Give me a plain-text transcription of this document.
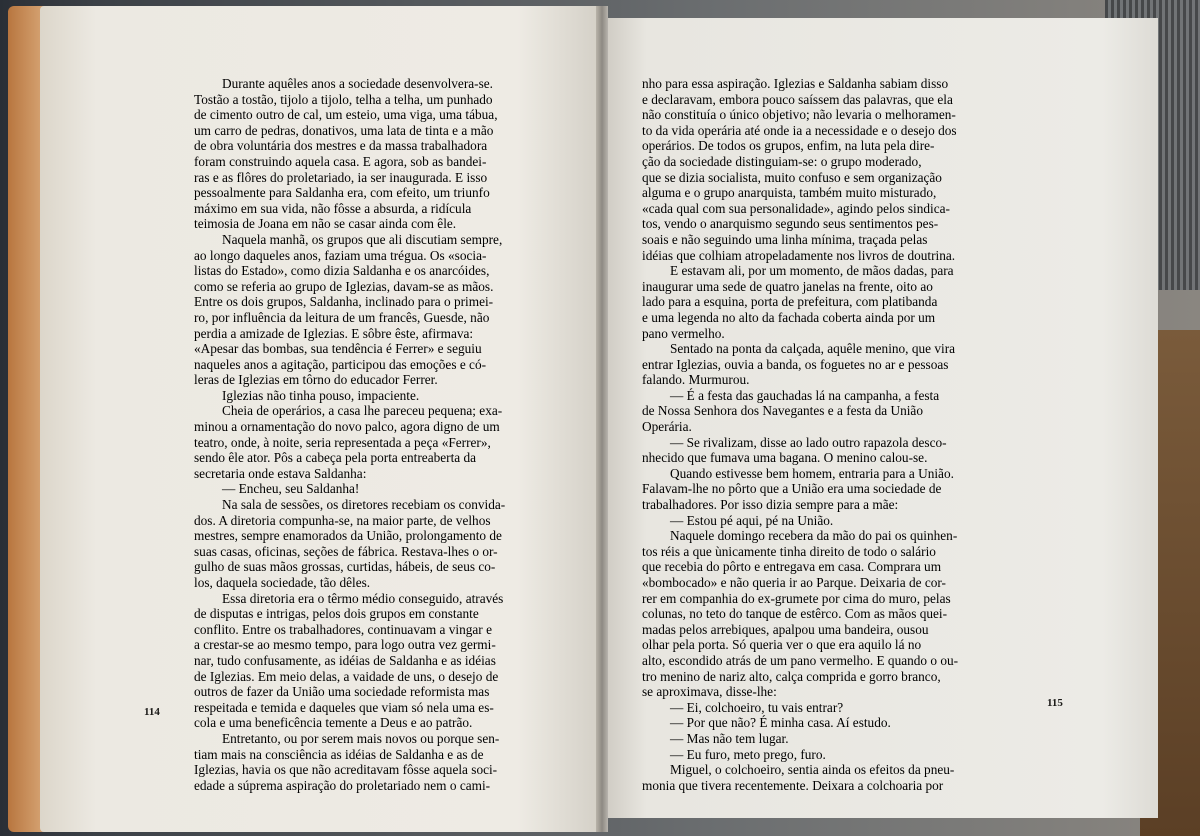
Durante aquêles anos a sociedade desenvolvera-se.

Tostão a tostão, tijolo a tijolo, telha a telha, um punhado

de cimento outro de cal, um esteio, uma viga, uma tábua,

um carro de pedras, donativos, uma lata de tinta e a mão

de obra voluntária dos mestres e da massa trabalhadora

foram construindo aquela casa. E agora, sob as bandei-

ras e as flôres do proletariado, ia ser inaugurada. E isso

pessoalmente para Saldanha era, com efeito, um triunfo

máximo em sua vida, não fôsse a absurda, a ridícula

teimosia de Joana em não se casar ainda com êle.

Naquela manhã, os grupos que ali discutiam sempre,

ao longo daqueles anos, faziam uma trégua. Os «socia-

listas do Estado», como dizia Saldanha e os anarcóides,

como se referia ao grupo de Iglezias, davam-se as mãos.

Entre os dois grupos, Saldanha, inclinado para o primei-

ro, por influência da leitura de um francês, Guesde, não

perdia a amizade de Iglezias. E sôbre êste, afirmava:

«Apesar das bombas, sua tendência é Ferrer» e seguiu

naqueles anos a agitação, participou das emoções e có-

leras de Iglezias em tôrno do educador Ferrer.

Iglezias não tinha pouso, impaciente.

Cheia de operários, a casa lhe pareceu pequena; exa-

minou a ornamentação do novo palco, agora digno de um

teatro, onde, à noite, seria representada a peça «Ferrer»,

sendo êle ator. Pôs a cabeça pela porta entreaberta da

secretaria onde estava Saldanha:

— Encheu, seu Saldanha!

Na sala de sessões, os diretores recebiam os convida-

dos. A diretoria compunha-se, na maior parte, de velhos

mestres, sempre enamorados da União, prolongamento de

suas casas, oficinas, seções de fábrica. Restava-lhes o or-

gulho de suas mãos grossas, curtidas, hábeis, de seus co-

los, daquela sociedade, tão dêles.

Essa diretoria era o têrmo médio conseguido, através

de disputas e intrigas, pelos dois grupos em constante

conflito. Entre os trabalhadores, continuavam a vingar e

a crestar-se ao mesmo tempo, para logo outra vez germi-

nar, tudo confusamente, as idéias de Saldanha e as idéias

de Iglezias. Em meio delas, a vaidade de uns, o desejo de

outros de fazer da União uma sociedade reformista mas

respeitada e temida e daqueles que viam só nela uma es-

cola e uma beneficência temente a Deus e ao patrão.

Entretanto, ou por serem mais novos ou porque sen-

tiam mais na consciência as idéias de Saldanha e as de

Iglezias, havia os que não acreditavam fôsse aquela soci-

edade a súprema aspiração do proletariado nem o cami-

nho para essa aspiração. Iglezias e Saldanha sabiam disso

e declaravam, embora pouco saíssem das palavras, que ela

não constituía o único objetivo; não levaria o melhoramen-

to da vida operária até onde ia a necessidade e o desejo dos

operários. De todos os grupos, enfim, na luta pela dire-

ção da sociedade distinguiam-se: o grupo moderado,

que se dizia socialista, muito confuso e sem organização

alguma e o grupo anarquista, também muito misturado,

«cada qual com sua personalidade», agindo pelos sindica-

tos, vendo o anarquismo segundo seus sentimentos pes-

soais e não seguindo uma linha mínima, traçada pelas

idéias que colhiam atropeladamente nos livros de doutrina.

E estavam ali, por um momento, de mãos dadas, para

inaugurar uma sede de quatro janelas na frente, oito ao

lado para a esquina, porta de prefeitura, com platibanda

e uma legenda no alto da fachada coberta ainda por um

pano vermelho.

Sentado na ponta da calçada, aquêle menino, que vira

entrar Iglezias, ouvia a banda, os foguetes no ar e pessoas

falando. Murmurou.

— É a festa das gauchadas lá na campanha, a festa

de Nossa Senhora dos Navegantes e a festa da União

Operária.

— Se rivalizam, disse ao lado outro rapazola desco-

nhecido que fumava uma bagana. O menino calou-se.

Quando estivesse bem homem, entraria para a União.

Falavam-lhe no pôrto que a União era uma sociedade de

trabalhadores. Por isso dizia sempre para a mãe:

— Estou pé aqui, pé na União.

Naquele domingo recebera da mão do pai os quinhen-

tos réis a que ùnicamente tinha direito de todo o salário

que recebia do pôrto e entregava em casa. Comprara um

«bombocado» e não queria ir ao Parque. Deixaria de cor-

rer em companhia do ex-grumete por cima do muro, pelas

colunas, no teto do tanque de estêrco. Com as mãos quei-

madas pelos arrebiques, apalpou uma bandeira, ousou

olhar pela porta. Só queria ver o que era aquilo lá no

alto, escondido atrás de um pano vermelho. E quando o ou-

tro menino de nariz alto, calça comprida e gorro branco,

se aproximava, disse-lhe:

— Ei, colchoeiro, tu vais entrar?

— Por que não? É minha casa. Aí estudo.

— Mas não tem lugar.

— Eu furo, meto prego, furo.

Miguel, o colchoeiro, sentia ainda os efeitos da pneu-

monia que tivera recentemente. Deixara a colchoaria por

114
115
